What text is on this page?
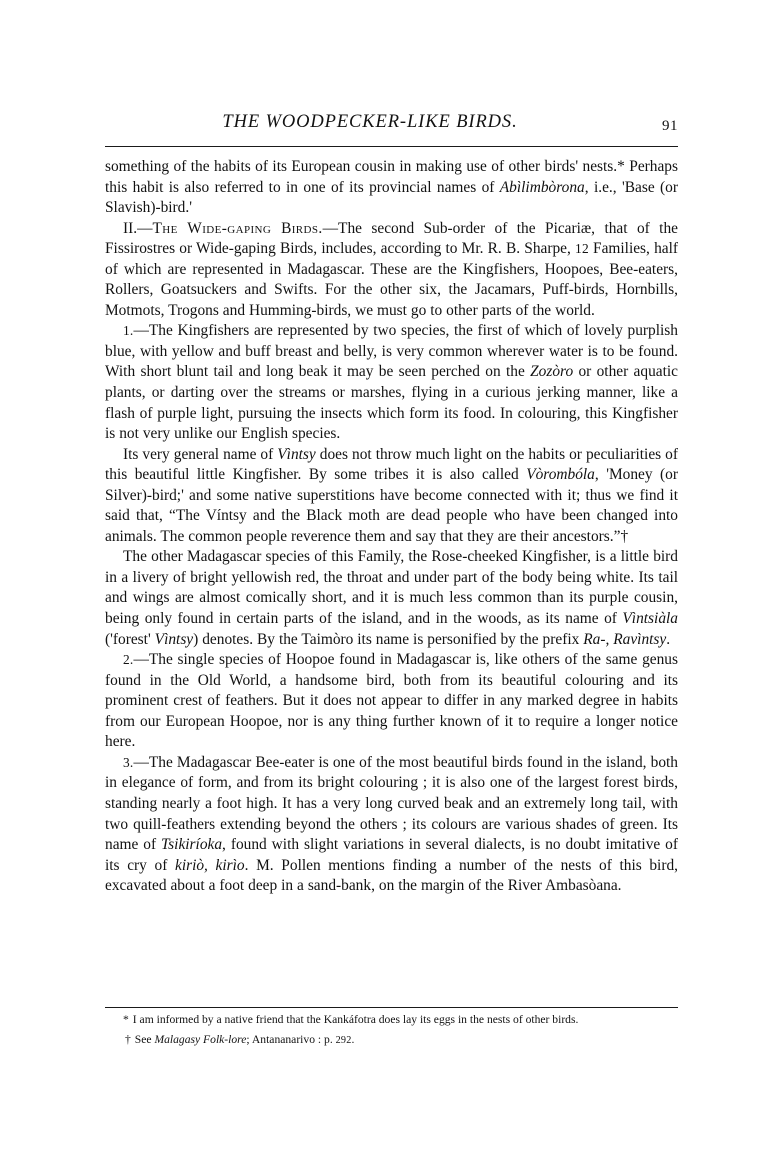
THE WOODPECKER-LIKE BIRDS.	91

something of the habits of its European cousin in making use of other birds' nests.* Perhaps this habit is also referred to in one of its provincial names of Abìlimbòrona, i.e., 'Base (or Slavish)-bird.'

II.—The Wide-gaping Birds.—The second Sub-order of the Picariæ, that of the Fissirostres or Wide-gaping Birds, includes, according to Mr. R. B. Sharpe, 12 Families, half of which are represented in Madagascar. These are the Kingfishers, Hoopoes, Bee-eaters, Rollers, Goatsuckers and Swifts. For the other six, the Jacamars, Puff-birds, Hornbills, Motmots, Trogons and Humming-birds, we must go to other parts of the world.

1.—The Kingfishers are represented by two species, the first of which of lovely purplish blue, with yellow and buff breast and belly, is very common wherever water is to be found. With short blunt tail and long beak it may be seen perched on the Zozòro or other aquatic plants, or darting over the streams or marshes, flying in a curious jerking manner, like a flash of purple light, pursuing the insects which form its food. In colouring, this Kingfisher is not very unlike our English species.

Its very general name of Vìntsy does not throw much light on the habits or peculiarities of this beautiful little Kingfisher. By some tribes it is also called Vòrombóla, 'Money (or Silver)-bird;' and some native superstitions have become connected with it; thus we find it said that, “The Víntsy and the Black moth are dead people who have been changed into animals. The common people reverence them and say that they are their ancestors.”†

The other Madagascar species of this Family, the Rose-cheeked Kingfisher, is a little bird in a livery of bright yellowish red, the throat and under part of the body being white. Its tail and wings are almost comically short, and it is much less common than its purple cousin, being only found in certain parts of the island, and in the woods, as its name of Vìntsiàla ('forest' Vìntsy) denotes. By the Taimòro its name is personified by the prefix Ra-, Ravìntsy.

2.—The single species of Hoopoe found in Madagascar is, like others of the same genus found in the Old World, a handsome bird, both from its beautiful colouring and its prominent crest of feathers. But it does not appear to differ in any marked degree in habits from our European Hoopoe, nor is any thing further known of it to require a longer notice here.

3.—The Madagascar Bee-eater is one of the most beautiful birds found in the island, both in elegance of form, and from its bright colouring ; it is also one of the largest forest birds, standing nearly a foot high. It has a very long curved beak and an extremely long tail, with two quill-feathers extending beyond the others ; its colours are various shades of green. Its name of Tsikiríoka, found with slight variations in several dialects, is no doubt imitative of its cry of kiriò, kirìo. M. Pollen mentions finding a number of the nests of this bird, excavated about a foot deep in a sand-bank, on the margin of the River Ambasòana.

* I am informed by a native friend that the Kankáfotra does lay its eggs in the nests of other birds.

† See Malagasy Folk-lore; Antananarivo : p. 292.
